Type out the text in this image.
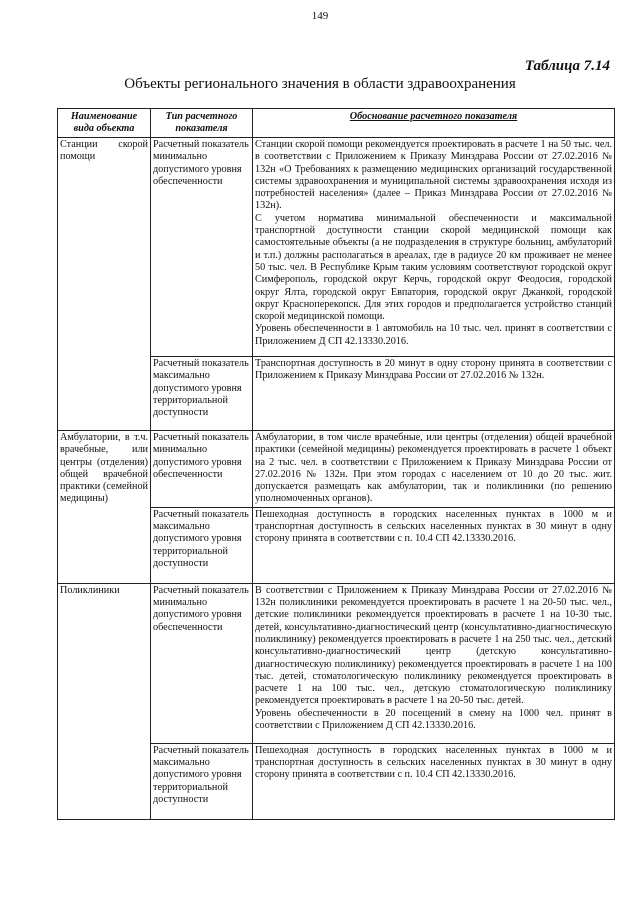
149
Таблица 7.14
Объекты регионального значения в области здравоохранения
Наименование вида объекта	Тип расчетного показателя	Обоснование расчетного показателя
Станции скорой помощи	Расчетный показатель минимально допустимого уровня обеспеченности	Станции скорой помощи рекомендуется проектировать в расчете 1 на 50 тыс. чел. в соответствии с Приложением к Приказу Минздрава России от 27.02.2016 № 132н «О Требованиях к размещению медицинских организаций государственной системы здравоохранения и муниципальной системы здравоохранения исходя из потребностей населения» (далее – Приказ Минздрава России от 27.02.2016 № 132н).
С учетом норматива минимальной обеспеченности и максимальной транспортной доступности станции скорой медицинской помощи как самостоятельные объекты (а не подразделения в структуре больниц, амбулаторий и т.п.) должны располагаться в ареалах, где в радиусе 20 км проживает не менее 50 тыс. чел. В Республике Крым таким условиям соответствуют городской округ Симферополь, городской округ Керчь, городской округ Феодосия, городской округ Ялта, городской округ Евпатория, городской округ Джанкой, городской округ Красноперекопск. Для этих городов и предполагается устройство станций скорой медицинской помощи.
Уровень обеспеченности в 1 автомобиль на 10 тыс. чел. принят в соответствии с Приложением Д СП 42.13330.2016.

	Расчетный показатель максимально допустимого уровня территориальной доступности	Транспортная доступность в 20 минут в одну сторону принята в соответствии с Приложением к Приказу Минздрава России от 27.02.2016 № 132н.
Амбулатории, в т.ч. врачебные, или центры (отделения) общей врачебной практики (семейной медицины)	Расчетный показатель минимально допустимого уровня обеспеченности	Амбулатории, в том числе врачебные, или центры (отделения) общей врачебной практики (семейной медицины) рекомендуется проектировать в расчете 1 объект на 2 тыс. чел. в соответствии с Приложением к Приказу Минздрава России от 27.02.2016 № 132н. При этом городах с населением от 10 до 20 тыс. жит. допускается размещать как амбулатории, так и поликлиники (по решению уполномоченных органов).
	Расчетный показатель максимально допустимого уровня территориальной доступности	Пешеходная доступность в городских населенных пунктах в 1000 м и транспортная доступность в сельских населенных пунктах в 30 минут в одну сторону принята в соответствии с п. 10.4 СП 42.13330.2016.
Поликлиники	Расчетный показатель минимально допустимого уровня обеспеченности	В соответствии с Приложением к Приказу Минздрава России от 27.02.2016 № 132н поликлиники рекомендуется проектировать в расчете 1 на 20-50 тыс. чел., детские поликлиники рекомендуется проектировать в расчете 1 на 10-30 тыс. детей, консультативно-диагностический центр (консультативно-диагностическую поликлинику) рекомендуется проектировать в расчете 1 на 250 тыс. чел., детский консультативно-диагностический центр (детскую консультативно-диагностическую поликлинику) рекомендуется проектировать в расчете 1 на 100 тыс. детей, стоматологическую поликлинику рекомендуется проектировать в расчете 1 на 100 тыс. чел., детскую стоматологическую поликлинику рекомендуется проектировать в расчете 1 на 20-50 тыс. детей.
Уровень обеспеченности в 20 посещений в смену на 1000 чел. принят в соответствии с Приложением Д СП 42.13330.2016.

	Расчетный показатель максимально допустимого уровня территориальной доступности	Пешеходная доступность в городских населенных пунктах в 1000 м и транспортная доступность в сельских населенных пунктах в 30 минут в одну сторону принята в соответствии с п. 10.4 СП 42.13330.2016.
